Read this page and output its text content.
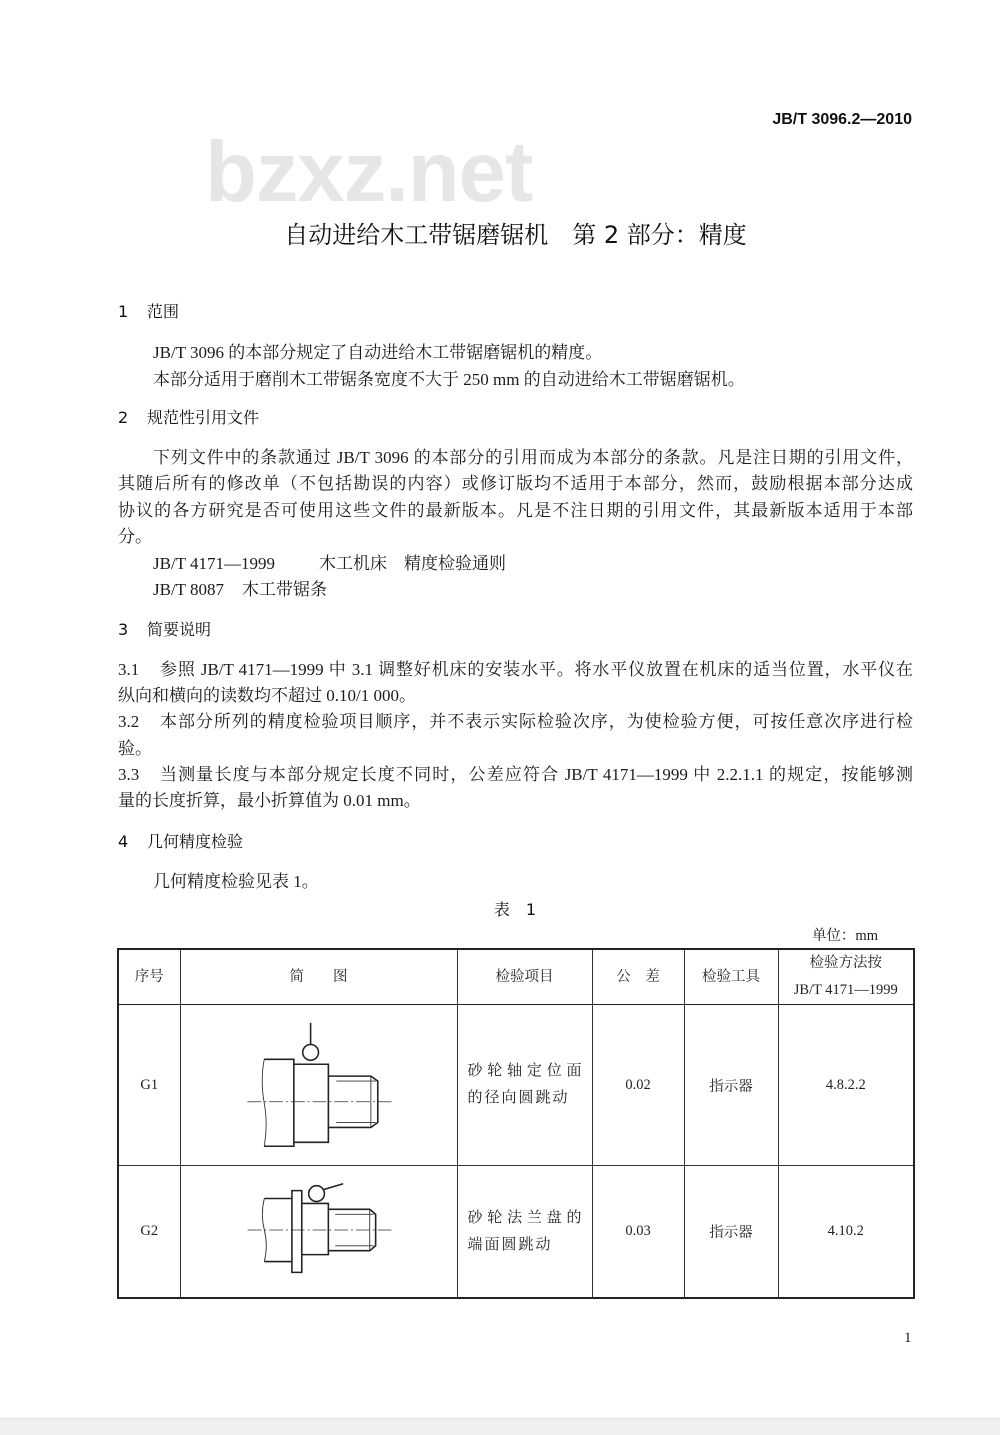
JB/T 3096.2—2010
bzxz.net
自动进给木工带锯磨锯机　第 2 部分：精度
1 范围
JB/T 3096 的本部分规定了自动进给木工带锯磨锯机的精度。
本部分适用于磨削木工带锯条宽度不大于 250 mm 的自动进给木工带锯磨锯机。
2 规范性引用文件
下列文件中的条款通过 JB/T 3096 的本部分的引用而成为本部分的条款。凡是注日期的引用文件，
其随后所有的修改单（不包括勘误的内容）或修订版均不适用于本部分，然而，鼓励根据本部分达成
协议的各方研究是否可使用这些文件的最新版本。凡是不注日期的引用文件，其最新版本适用于本部
分。
JB/T 4171—1999	木工机床　精度检验通则
JB/T 8087 木工带锯条
3 简要说明
3.1	参照 JB/T 4171—1999 中 3.1 调整好机床的安装水平。将水平仪放置在机床的适当位置，水平仪在
纵向和横向的读数均不超过 0.10/1 000。
3.2	本部分所列的精度检验项目顺序，并不表示实际检验次序，为使检验方便，可按任意次序进行检
验。
3.3	当测量长度与本部分规定长度不同时，公差应符合 JB/T 4171—1999 中 2.2.1.1 的规定，按能够测
量的长度折算，最小折算值为 0.01 mm。
4 几何精度检验
几何精度检验见表 1。
表　1
单位：mm
序号	简　　图	检验项目	公　差	检验工具	检验方法按
JB/T 4171—1999

G1		砂轮轴定位面的径向圆跳动	0.02	指示器	4.8.2.2
G2		砂轮法兰盘的端面圆跳动	0.03	指示器	4.10.2
1
